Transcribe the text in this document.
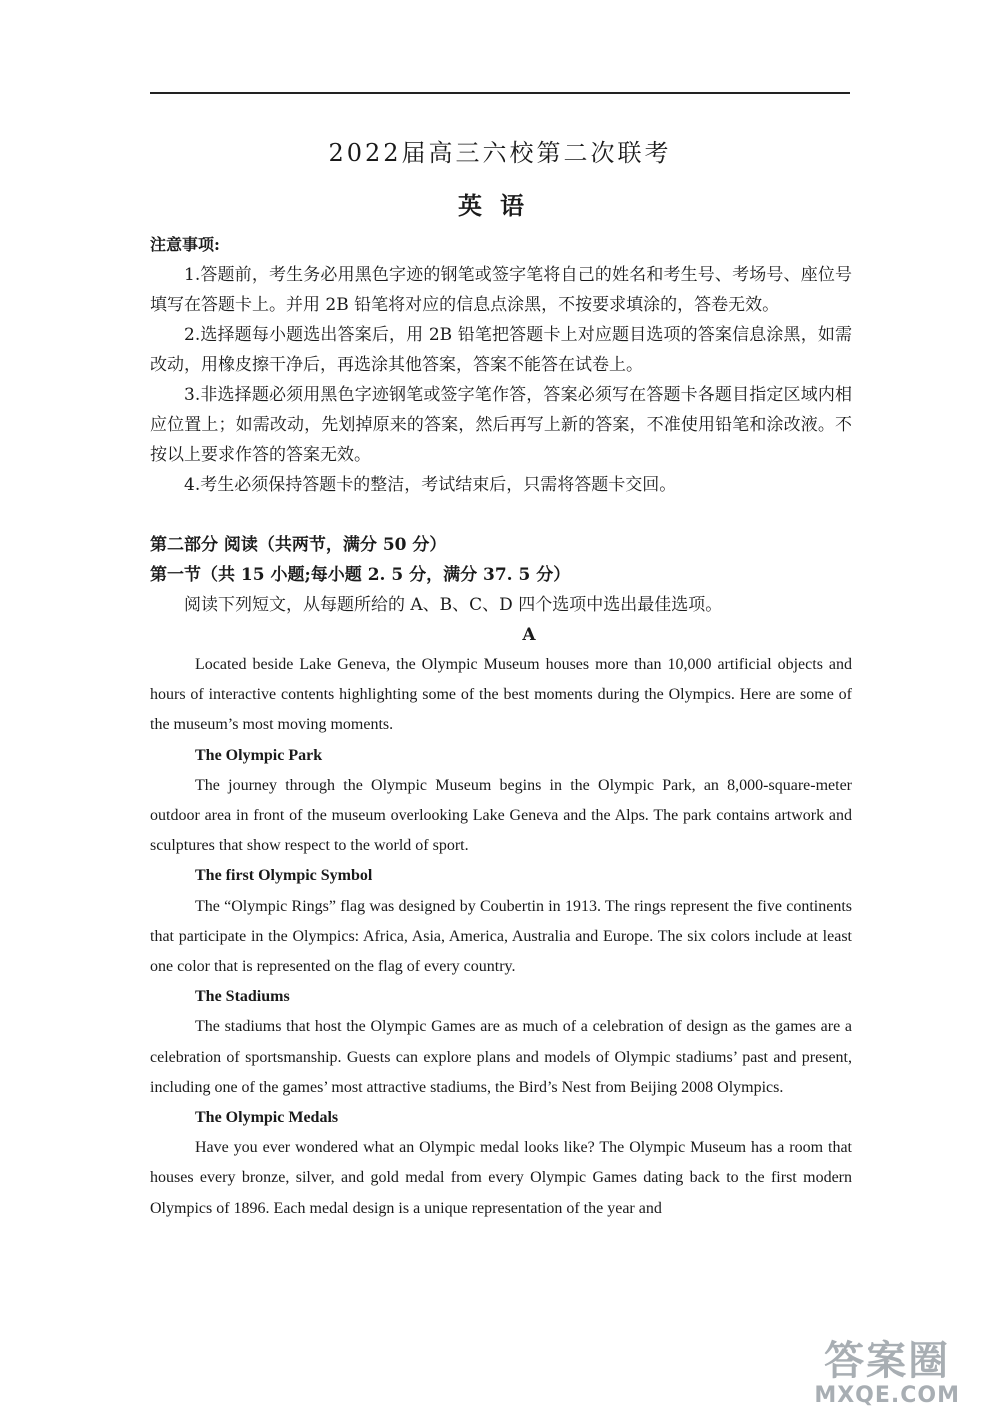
2022届高三六校第二次联考
英语

注意事项:

1.答题前，考生务必用黑色字迹的钢笔或签字笔将自己的姓名和考生号、考场号、座位号填写在答题卡上。并用 2B 铅笔将对应的信息点涂黑，不按要求填涂的，答卷无效。

2.选择题每小题选出答案后，用 2B 铅笔把答题卡上对应题目选项的答案信息涂黑，如需改动，用橡皮擦干净后，再选涂其他答案，答案不能答在试卷上。

3.非选择题必须用黑色字迹钢笔或签字笔作答，答案必须写在答题卡各题目指定区域内相应位置上；如需改动，先划掉原来的答案，然后再写上新的答案，不准使用铅笔和涂改液。不按以上要求作答的答案无效。

4.考生必须保持答题卡的整洁，考试结束后，只需将答题卡交回。

第二部分 阅读（共两节，满分 50 分）

第一节（共 15 小题;每小题 2. 5 分，满分 37. 5 分）

阅读下列短文，从每题所给的 A、B、C、D 四个选项中选出最佳选项。

A

Located beside Lake Geneva, the Olympic Museum houses more than 10,000 artificial objects and hours of interactive contents highlighting some of the best moments during the Olympics. Here are some of the museum’s most moving moments.

The Olympic Park

The journey through the Olympic Museum begins in the Olympic Park, an 8,000-square-meter outdoor area in front of the museum overlooking Lake Geneva and the Alps. The park contains artwork and sculptures that show respect to the world of sport.

The first Olympic Symbol

The “Olympic Rings” flag was designed by Coubertin in 1913. The rings represent the five continents that participate in the Olympics: Africa, Asia, America, Australia and Europe. The six colors include at least one color that is represented on the flag of every country.

The Stadiums

The stadiums that host the Olympic Games are as much of a celebration of design as the games are a celebration of sportsmanship. Guests can explore plans and models of Olympic stadiums’ past and present, including one of the games’ most attractive stadiums, the Bird’s Nest from Beijing 2008 Olympics.

The Olympic Medals

Have you ever wondered what an Olympic medal looks like? The Olympic Museum has a room that houses every bronze, silver, and gold medal from every Olympic Games dating back to the first modern Olympics of 1896. Each medal design is a unique representation of the year and

答案圈
MXQE.COM
